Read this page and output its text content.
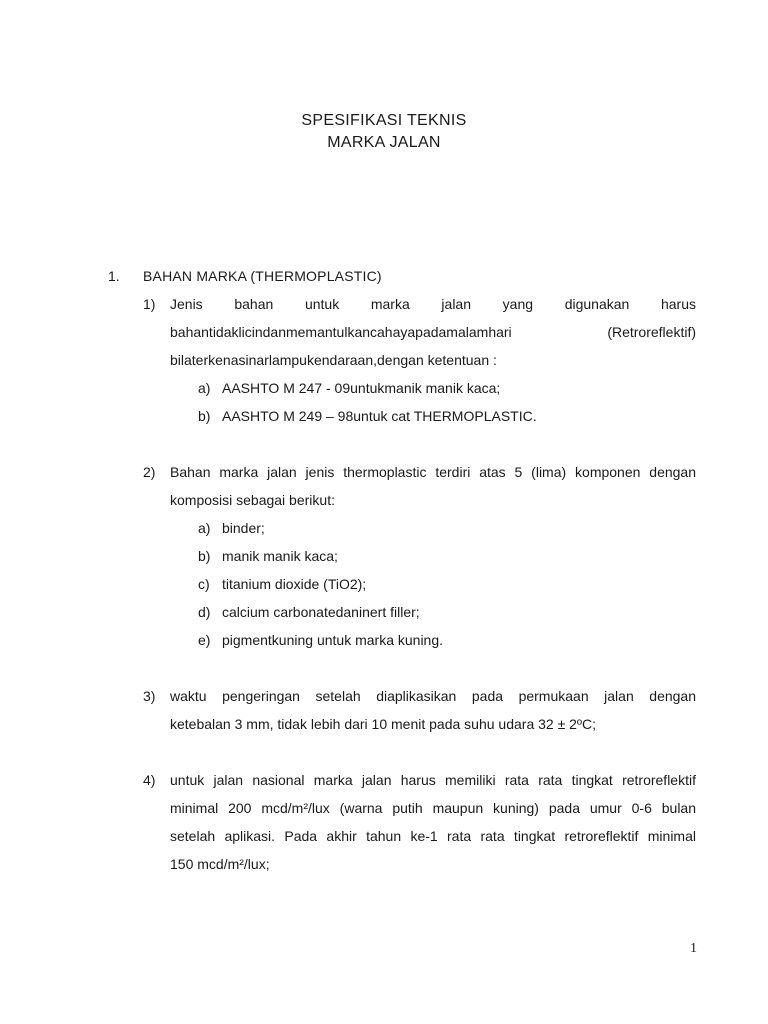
SPESIFIKASI TEKNIS
MARKA JALAN
1. BAHAN MARKA (THERMOPLASTIC)
1) Jenis bahan untuk marka jalan yang digunakan harus
bahantidaklicindanmemantulkancahayapadamalamhari (Retroreflektif)
bilaterkenasinarlampukendaraan,dengan ketentuan :
a) AASHTO M 247 - 09untukmanik manik kaca;
b) AASHTO M 249 – 98untuk cat THERMOPLASTIC.
2) Bahan marka jalan jenis thermoplastic terdiri atas 5 (lima) komponen dengan
komposisi sebagai berikut:
a) binder;
b) manik manik kaca;
c) titanium dioxide (TiO2);
d) calcium carbonatedaninert filler;
e) pigmentkuning untuk marka kuning.
3) waktu pengeringan setelah diaplikasikan pada permukaan jalan dengan
ketebalan 3 mm, tidak lebih dari 10 menit pada suhu udara 32 ± 2ºC;
4) untuk jalan nasional marka jalan harus memiliki rata rata tingkat retroreflektif
minimal 200 mcd/m²/lux (warna putih maupun kuning) pada umur 0-6 bulan
setelah aplikasi. Pada akhir tahun ke-1 rata rata tingkat retroreflektif minimal
150 mcd/m²/lux;
1
